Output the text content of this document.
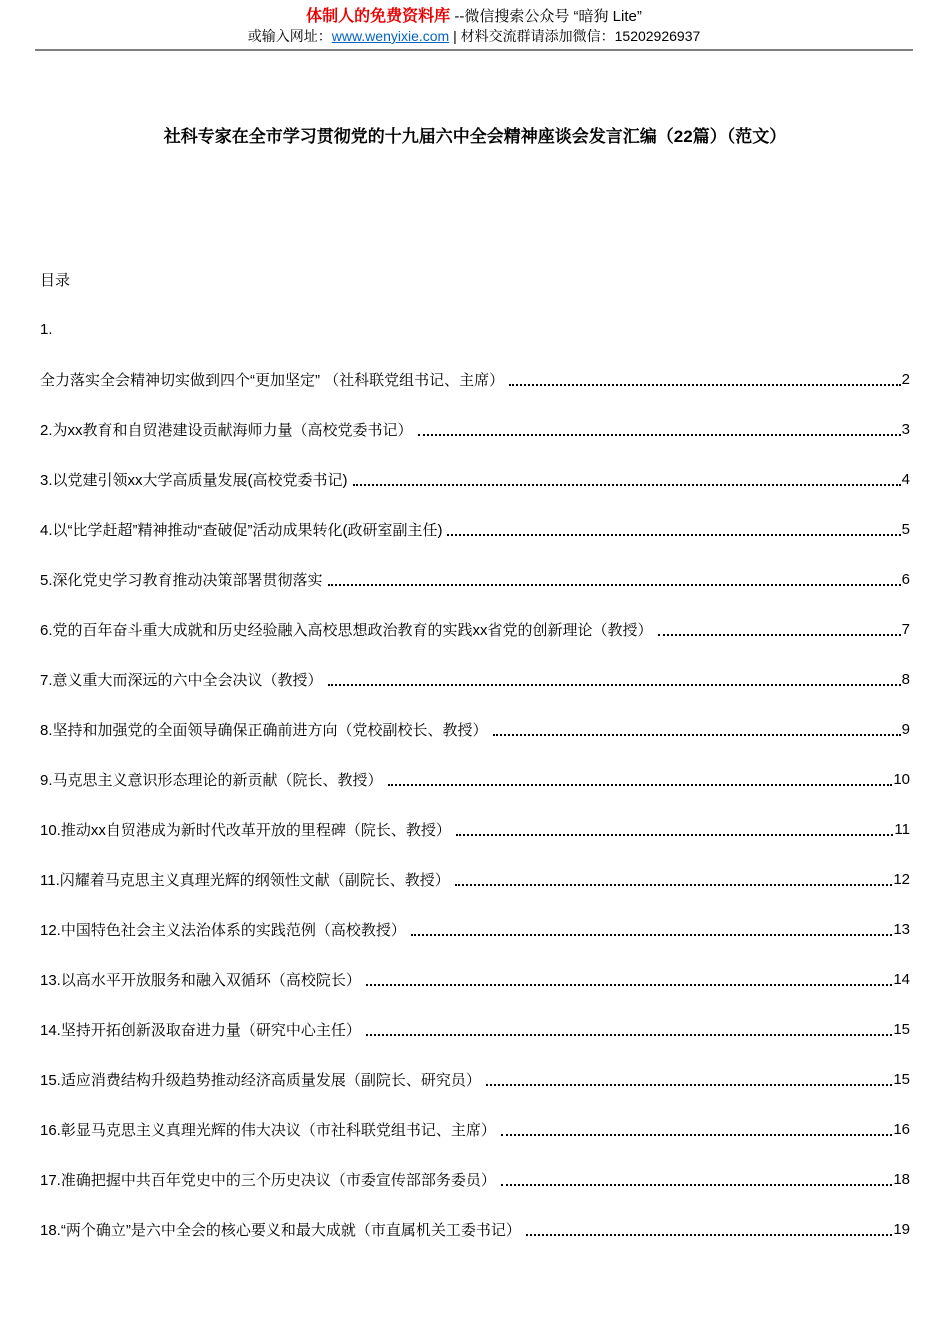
体制人的免费资料库 --微信搜索公众号 “暗狗 Lite”
或输入网址：www.wenyixie.com | 材料交流群请添加微信：15202926937
社科专家在全市学习贯彻党的十九届六中全会精神座谈会发言汇编（22篇）（范文）
目录
1.
全力落实全会精神切实做到四个“更加坚定” （社科联党组书记、主席）	2
2.为xx教育和自贸港建设贡献海师力量（高校党委书记）	3
3.以党建引领xx大学高质量发展(高校党委书记)	4
4.以“比学赶超”精神推动“查破促”活动成果转化(政研室副主任)	5
5.深化党史学习教育推动决策部署贯彻落实	6
6.党的百年奋斗重大成就和历史经验融入高校思想政治教育的实践xx省党的创新理论（教授）	7
7.意义重大而深远的六中全会决议（教授）	8
8.坚持和加强党的全面领导确保正确前进方向（党校副校长、教授）	9
9.马克思主义意识形态理论的新贡献（院长、教授）	10
10.推动xx自贸港成为新时代改革开放的里程碑（院长、教授）	11
11.闪耀着马克思主义真理光辉的纲领性文献（副院长、教授）	12
12.中国特色社会主义法治体系的实践范例（高校教授）	13
13.以高水平开放服务和融入双循环（高校院长）	14
14.坚持开拓创新汲取奋进力量（研究中心主任）	15
15.适应消费结构升级趋势推动经济高质量发展（副院长、研究员）	15
16.彰显马克思主义真理光辉的伟大决议（市社科联党组书记、主席）	16
17.准确把握中共百年党史中的三个历史决议（市委宣传部部务委员）	18
18.“两个确立”是六中全会的核心要义和最大成就（市直属机关工委书记）	19
